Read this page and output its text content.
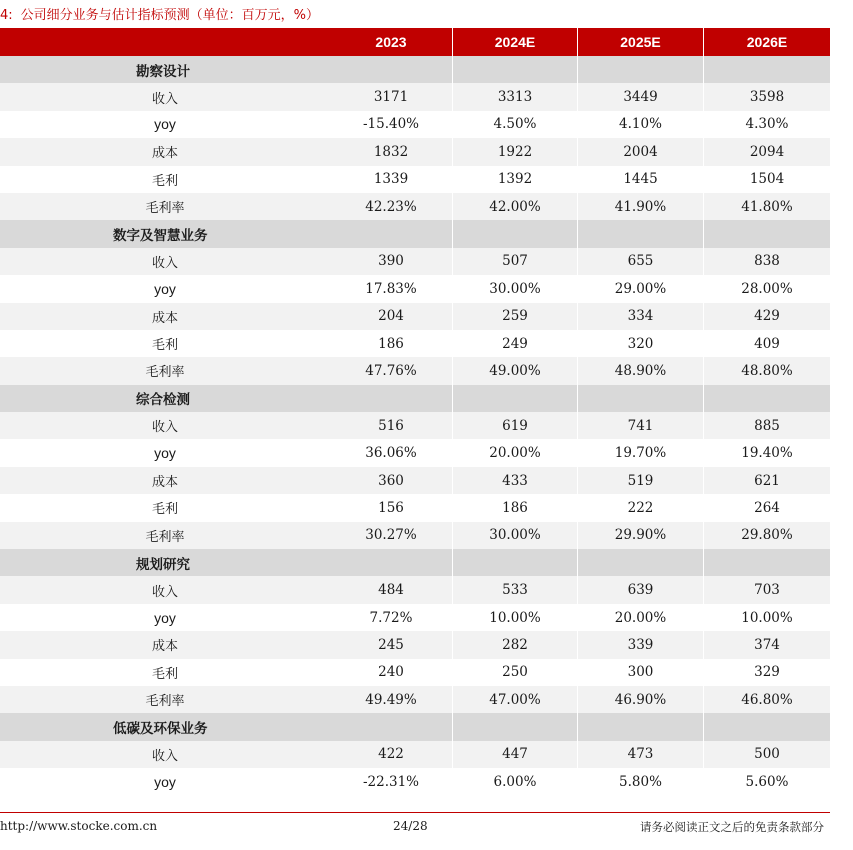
4: 公司细分业务与估计指标预测（单位：百万元，%）
2023	2024E	2025E	2026E
勘察设计
收入	3171	3313	3449	3598
yoy	-15.40%	4.50%	4.10%	4.30%
成本	1832	1922	2004	2094
毛利	1339	1392	1445	1504
毛利率	42.23%	42.00%	41.90%	41.80%
数字及智慧业务
收入	390	507	655	838
yoy	17.83%	30.00%	29.00%	28.00%
成本	204	259	334	429
毛利	186	249	320	409
毛利率	47.76%	49.00%	48.90%	48.80%
综合检测
收入	516	619	741	885
yoy	36.06%	20.00%	19.70%	19.40%
成本	360	433	519	621
毛利	156	186	222	264
毛利率	30.27%	30.00%	29.90%	29.80%
规划研究
收入	484	533	639	703
yoy	7.72%	10.00%	20.00%	10.00%
成本	245	282	339	374
毛利	240	250	300	329
毛利率	49.49%	47.00%	46.90%	46.80%
低碳及环保业务
收入	422	447	473	500
yoy	-22.31%	6.00%	5.80%	5.60%
http://www.stocke.com.cn	24/28	请务必阅读正文之后的免责条款部分
